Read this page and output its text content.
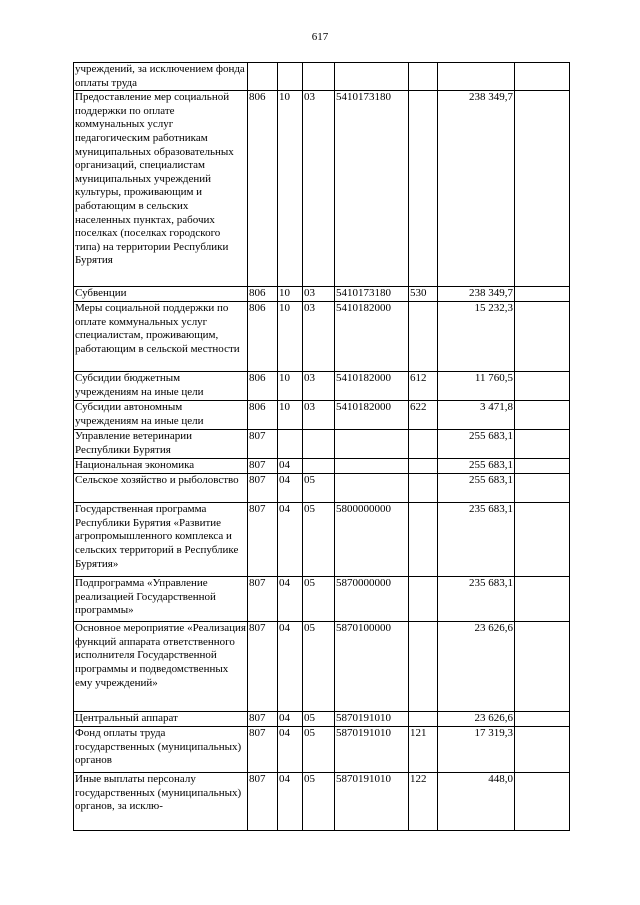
617
учреждений, за исключением фонда оплаты труда							
Предоставление мер социальной поддержки по оплате коммунальных услуг педагогическим работникам муниципальных образовательных организаций, специалистам муниципальных учреждений культуры, проживающим и работающим в сельских населенных пунктах, рабочих поселках (поселках городского типа) на территории Республики Бурятия	806	10	03	5410173180		238 349,7	
Субвенции	806	10	03	5410173180	530	238 349,7	
Меры социальной поддержки по оплате коммунальных услуг специалистам, проживающим, работающим в сельской местности	806	10	03	5410182000		15 232,3	
Субсидии бюджетным учреждениям на иные цели	806	10	03	5410182000	612	11 760,5	
Субсидии автономным учреждениям на иные цели	806	10	03	5410182000	622	3 471,8	
Управление ветеринарии Республики Бурятия	807					255 683,1	
Национальная экономика	807	04				255 683,1	
Сельское хозяйство и рыболовство	807	04	05			255 683,1	
Государственная программа Республики Бурятия «Развитие агропромышленного комплекса и сельских территорий в Республике Бурятия»	807	04	05	5800000000		235 683,1	
Подпрограмма «Управление реализацией Государственной программы»	807	04	05	5870000000		235 683,1	
Основное мероприятие «Реализация функций аппарата ответственного исполнителя Государственной программы и подведомственных ему учреждений»	807	04	05	5870100000		23 626,6	
Центральный аппарат	807	04	05	5870191010		23 626,6	
Фонд оплаты труда государственных (муниципальных) органов	807	04	05	5870191010	121	17 319,3	
Иные выплаты персоналу государственных (муниципальных) органов, за исклю-	807	04	05	5870191010	122	448,0	
